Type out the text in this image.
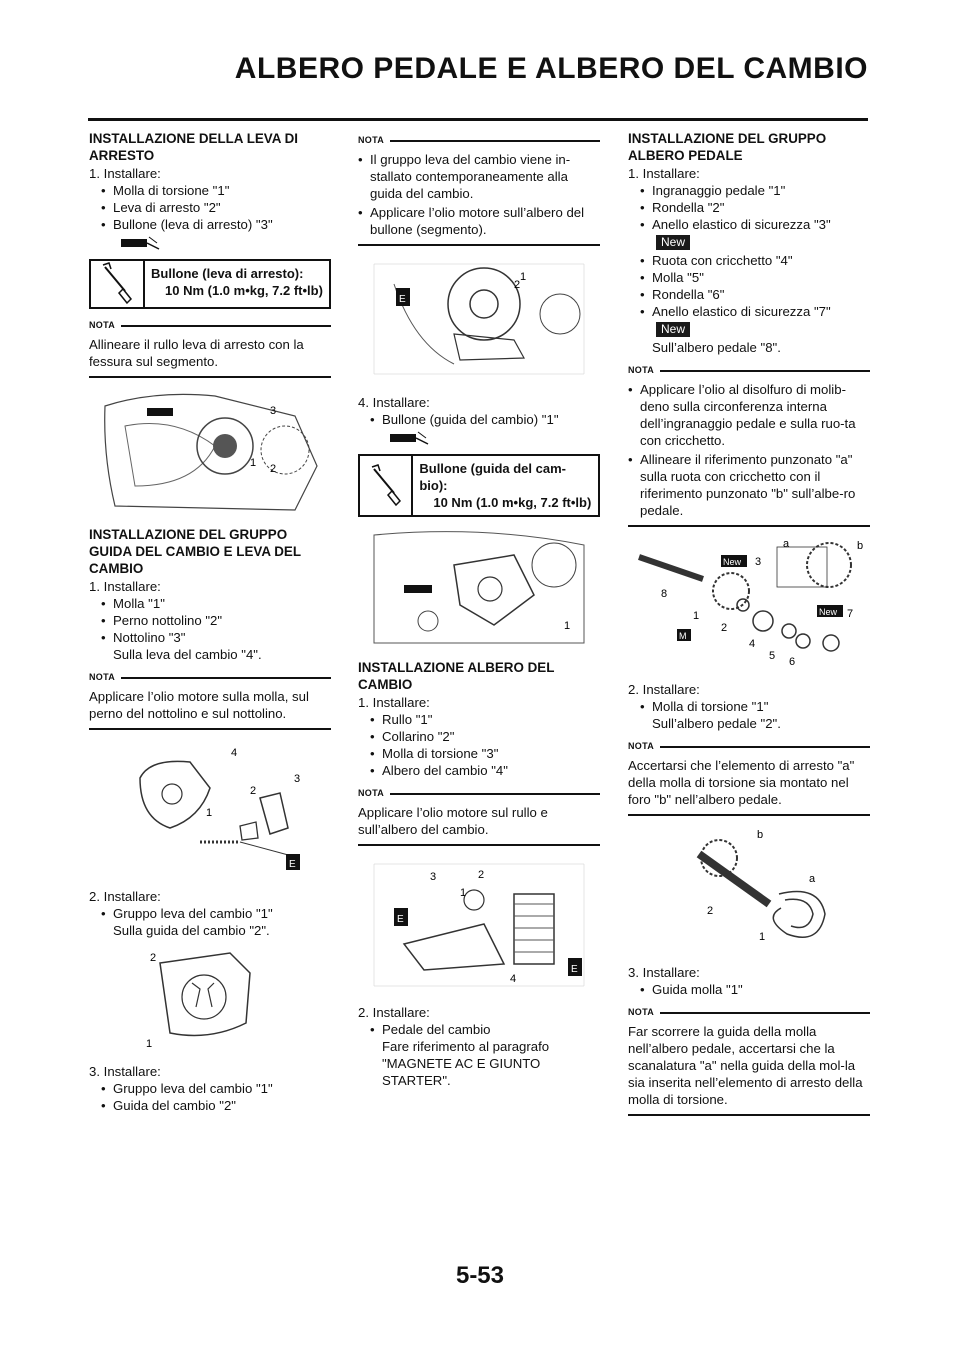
ALBERO PEDALE E ALBERO DEL CAMBIO

INSTALLAZIONE DELLA LEVA DI ARRESTO

1. Installare:

• Molla di torsione "1"

• Leva di arresto "2"

• Bullone (leva di arresto) "3"

Bullone (leva di arresto):
10 Nm (1.0 m•kg, 7.2 ft•lb)
NOTA

Allineare il rullo leva di arresto con la fessura sul segmento.

3
1 2

INSTALLAZIONE DEL GRUPPO GUIDA DEL CAMBIO E LEVA DEL CAMBIO

1. Installare:

• Molla "1"

• Perno nottolino "2"

• Nottolino "3"

Sulla leva del cambio "4".

NOTA

Applicare l’olio motore sulla molla, sul perno del nottolino e sul nottolino.

4
2
3
1
E

2. Installare:

• Gruppo leva del cambio "1"

Sulla guida del cambio "2".

2
1

3. Installare:

• Gruppo leva del cambio "1"

• Guida del cambio "2"

NOTA

• Il gruppo leva del cambio viene in-stallato contemporaneamente alla guida del cambio.

• Applicare l’olio motore sull’albero del bullone (segmento).

E
2
1

4. Installare:

• Bullone (guida del cambio) "1"

Bullone (guida del cam-bio):
10 Nm (1.0 m•kg, 7.2 ft•lb)
1

INSTALLAZIONE ALBERO DEL CAMBIO

1. Installare:

• Rullo "1"

• Collarino "2"

• Molla di torsione "3"

• Albero del cambio "4"

NOTA

Applicare l’olio motore sul rullo e sull’albero del cambio.

E
E
3	2
1
4

2. Installare:

• Pedale del cambio

Fare riferimento al paragrafo "MAGNETE AC E GIUNTO STARTER".

INSTALLAZIONE DEL GRUPPO ALBERO PEDALE

1. Installare:

• Ingranaggio pedale "1"

• Rondella "2"

• Anello elastico di sicurezza "3"

New

• Ruota con cricchetto "4"

• Molla "5"

• Rondella "6"

• Anello elastico di sicurezza "7"

New

Sull’albero pedale "8".

NOTA

• Applicare l’olio al disolfuro di molib-deno sulla circonferenza interna dell’ingranaggio pedale e sulla ruo-ta con cricchetto.

• Allineare il riferimento punzonato "a" sulla ruota con cricchetto con il riferimento punzonato "b" sull’albe-ro pedale.

New
New
M
a	b
3
8
1
2
4
5 6
7

2. Installare:

• Molla di torsione "1"

Sull’albero pedale "2".

NOTA

Accertarsi che l’elemento di arresto "a" della molla di torsione sia montato nel foro "b" nell’albero pedale.

b
a
2
1

3. Installare:

• Guida molla "1"

NOTA

Far scorrere la guida della molla nell’albero pedale, accertarsi che la scanalatura "a" nella guida della mol-la sia inserita nell’elemento di arresto della molla di torsione.

5-53
